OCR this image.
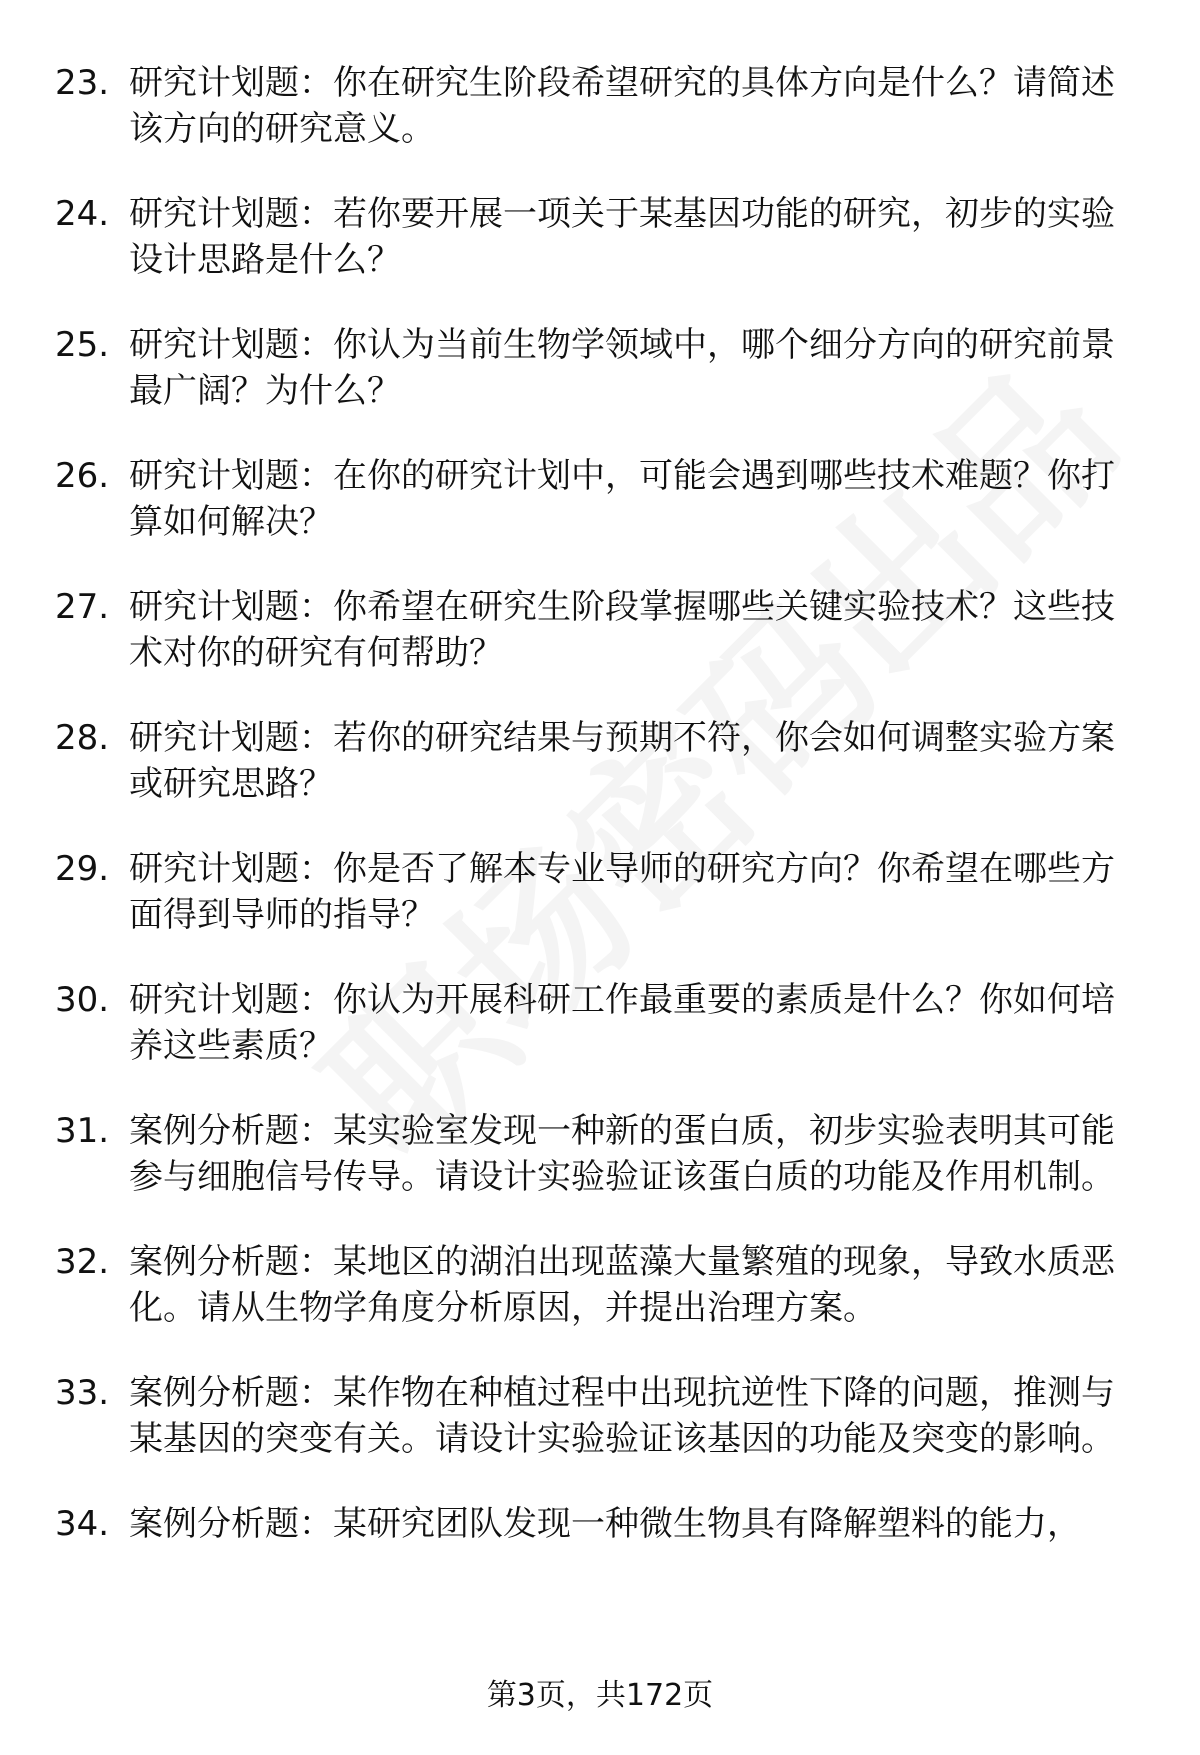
23. 研究计划题：你在研究生阶段希望研究的具体方向是什么？请简述该方向的研究意义。
24. 研究计划题：若你要开展一项关于某基因功能的研究，初步的实验设计思路是什么？
25. 研究计划题：你认为当前生物学领域中，哪个细分方向的研究前景最广阔？为什么？
26. 研究计划题：在你的研究计划中，可能会遇到哪些技术难题？你打算如何解决？
27. 研究计划题：你希望在研究生阶段掌握哪些关键实验技术？这些技术对你的研究有何帮助？
28. 研究计划题：若你的研究结果与预期不符，你会如何调整实验方案或研究思路？
29. 研究计划题：你是否了解本专业导师的研究方向？你希望在哪些方面得到导师的指导？
30. 研究计划题：你认为开展科研工作最重要的素质是什么？你如何培养这些素质？
31. 案例分析题：某实验室发现一种新的蛋白质，初步实验表明其可能参与细胞信号传导。请设计实验验证该蛋白质的功能及作用机制。
32. 案例分析题：某地区的湖泊出现蓝藻大量繁殖的现象，导致水质恶化。请从生物学角度分析原因，并提出治理方案。
33. 案例分析题：某作物在种植过程中出现抗逆性下降的问题，推测与某基因的突变有关。请设计实验验证该基因的功能及突变的影响。
34. 案例分析题：某研究团队发现一种微生物具有降解塑料的能力，
第3页，共172页
